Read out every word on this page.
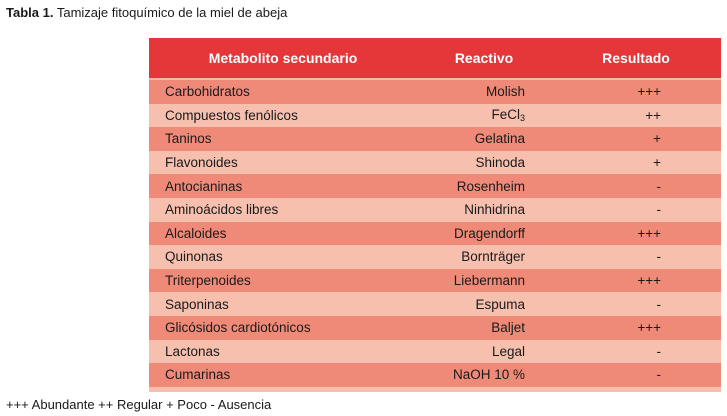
Tabla 1. Tamizaje fitoquímico de la miel de abeja
Metabolito secundario	Reactivo	Resultado
Carbohidratos	Molish	+++
Compuestos fenólicos	FeCl$_3$	++
Taninos	Gelatina	+
Flavonoides	Shinoda	+
Antocianinas	Rosenheim	-
Aminoácidos libres	Ninhidrina	-
Alcaloides	Dragendorff	+++
Quinonas	Bornträger	-
Triterpenoides	Liebermann	+++
Saponinas	Espuma	-
Glicósidos cardiotónicos	Baljet	+++
Lactonas	Legal	-
Cumarinas	NaOH 10 %	-
+++ Abundante ++ Regular + Poco - Ausencia
